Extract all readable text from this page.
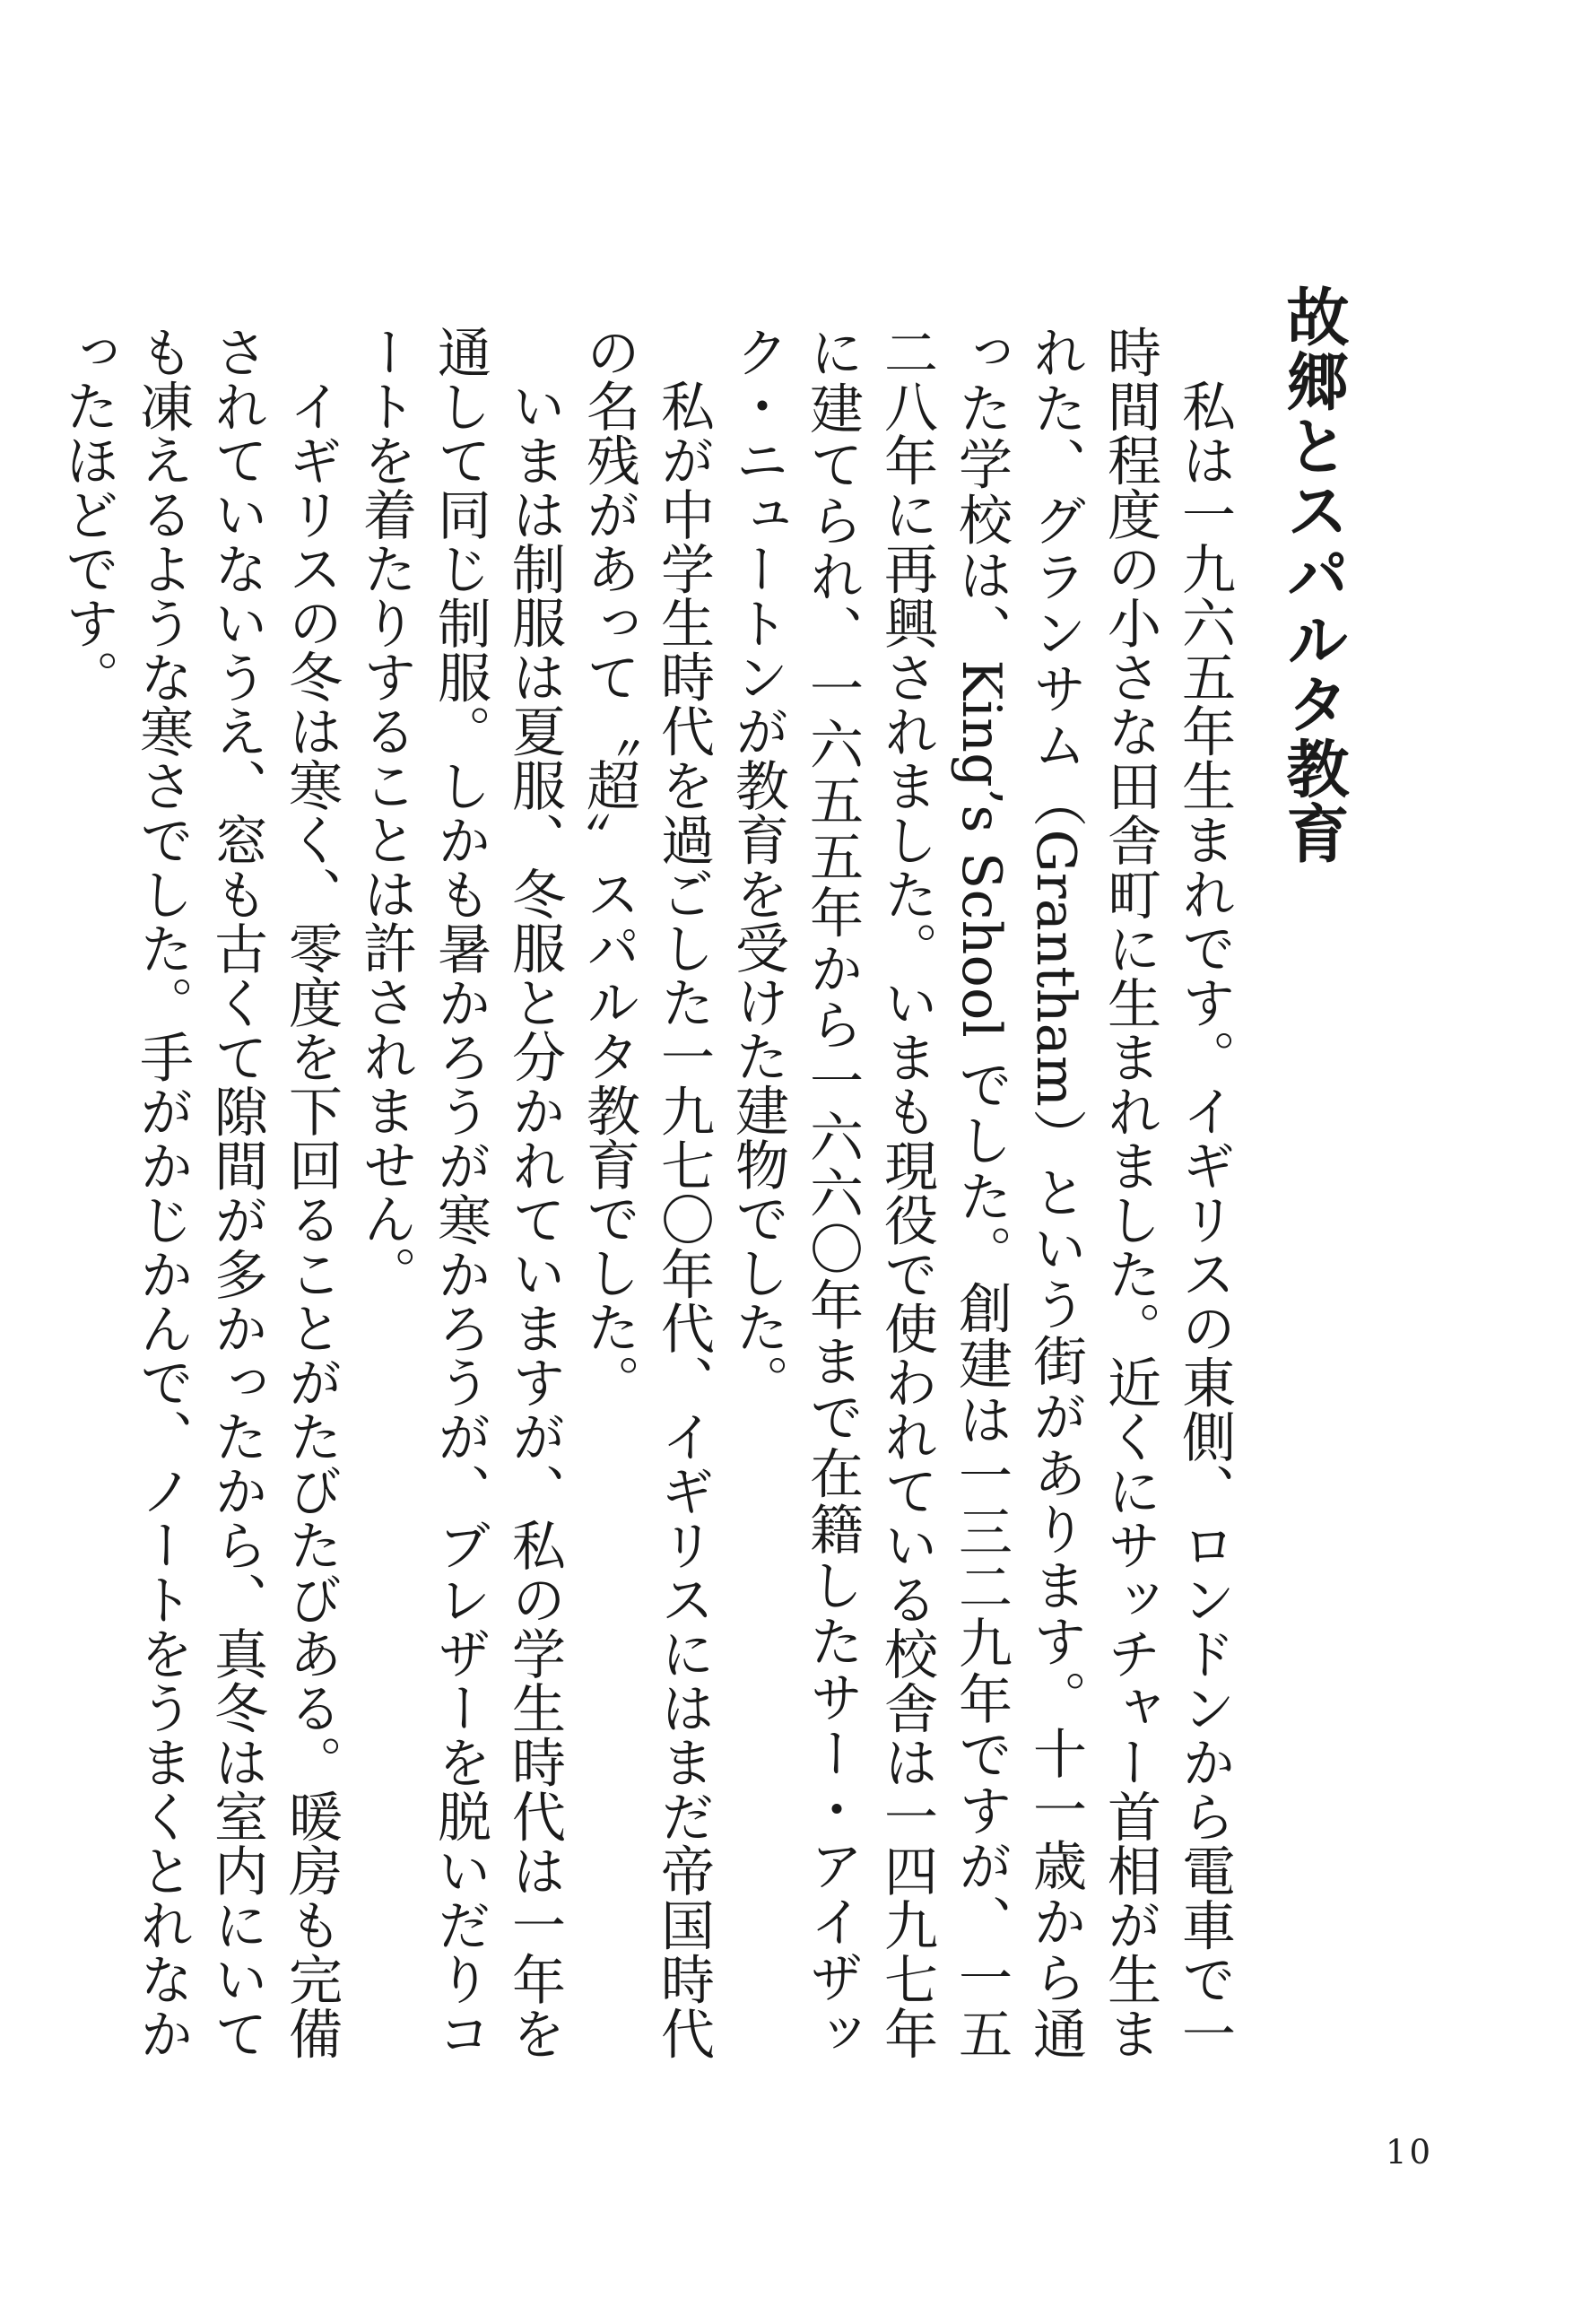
故郷とスパルタ教育

私は一九六五年生まれです。イギリスの東側、ロンドンから電車で一時間程度の小さな田舎町に生まれました。近くにサッチャー首相が生まれた、グランサム（Grantham）という街があります。十一歳から通った学校は、King’s School でした。創建は一三二九年ですが、一五二八年に再興されました。いまも現役で使われている校舎は一四九七年に建てられ、一六五五年から一六六〇年まで在籍したサー・アイザック・ニュートンが教育を受けた建物でした。

私が中学生時代を過ごした一九七〇年代、イギリスにはまだ帝国時代の名残があって〝超〟スパルタ教育でした。

いまは制服は夏服、冬服と分かれていますが、私の学生時代は一年を通して同じ制服。しかも暑かろうが寒かろうが、ブレザーを脱いだりコートを着たりすることは許されません。

イギリスの冬は寒く、零度を下回ることがたびたびある。暖房も完備されていないうえ、窓も古くて隙間が多かったから、真冬は室内にいても凍えるような寒さでした。手がかじかんで、ノートをうまくとれなかったほどです。

10
